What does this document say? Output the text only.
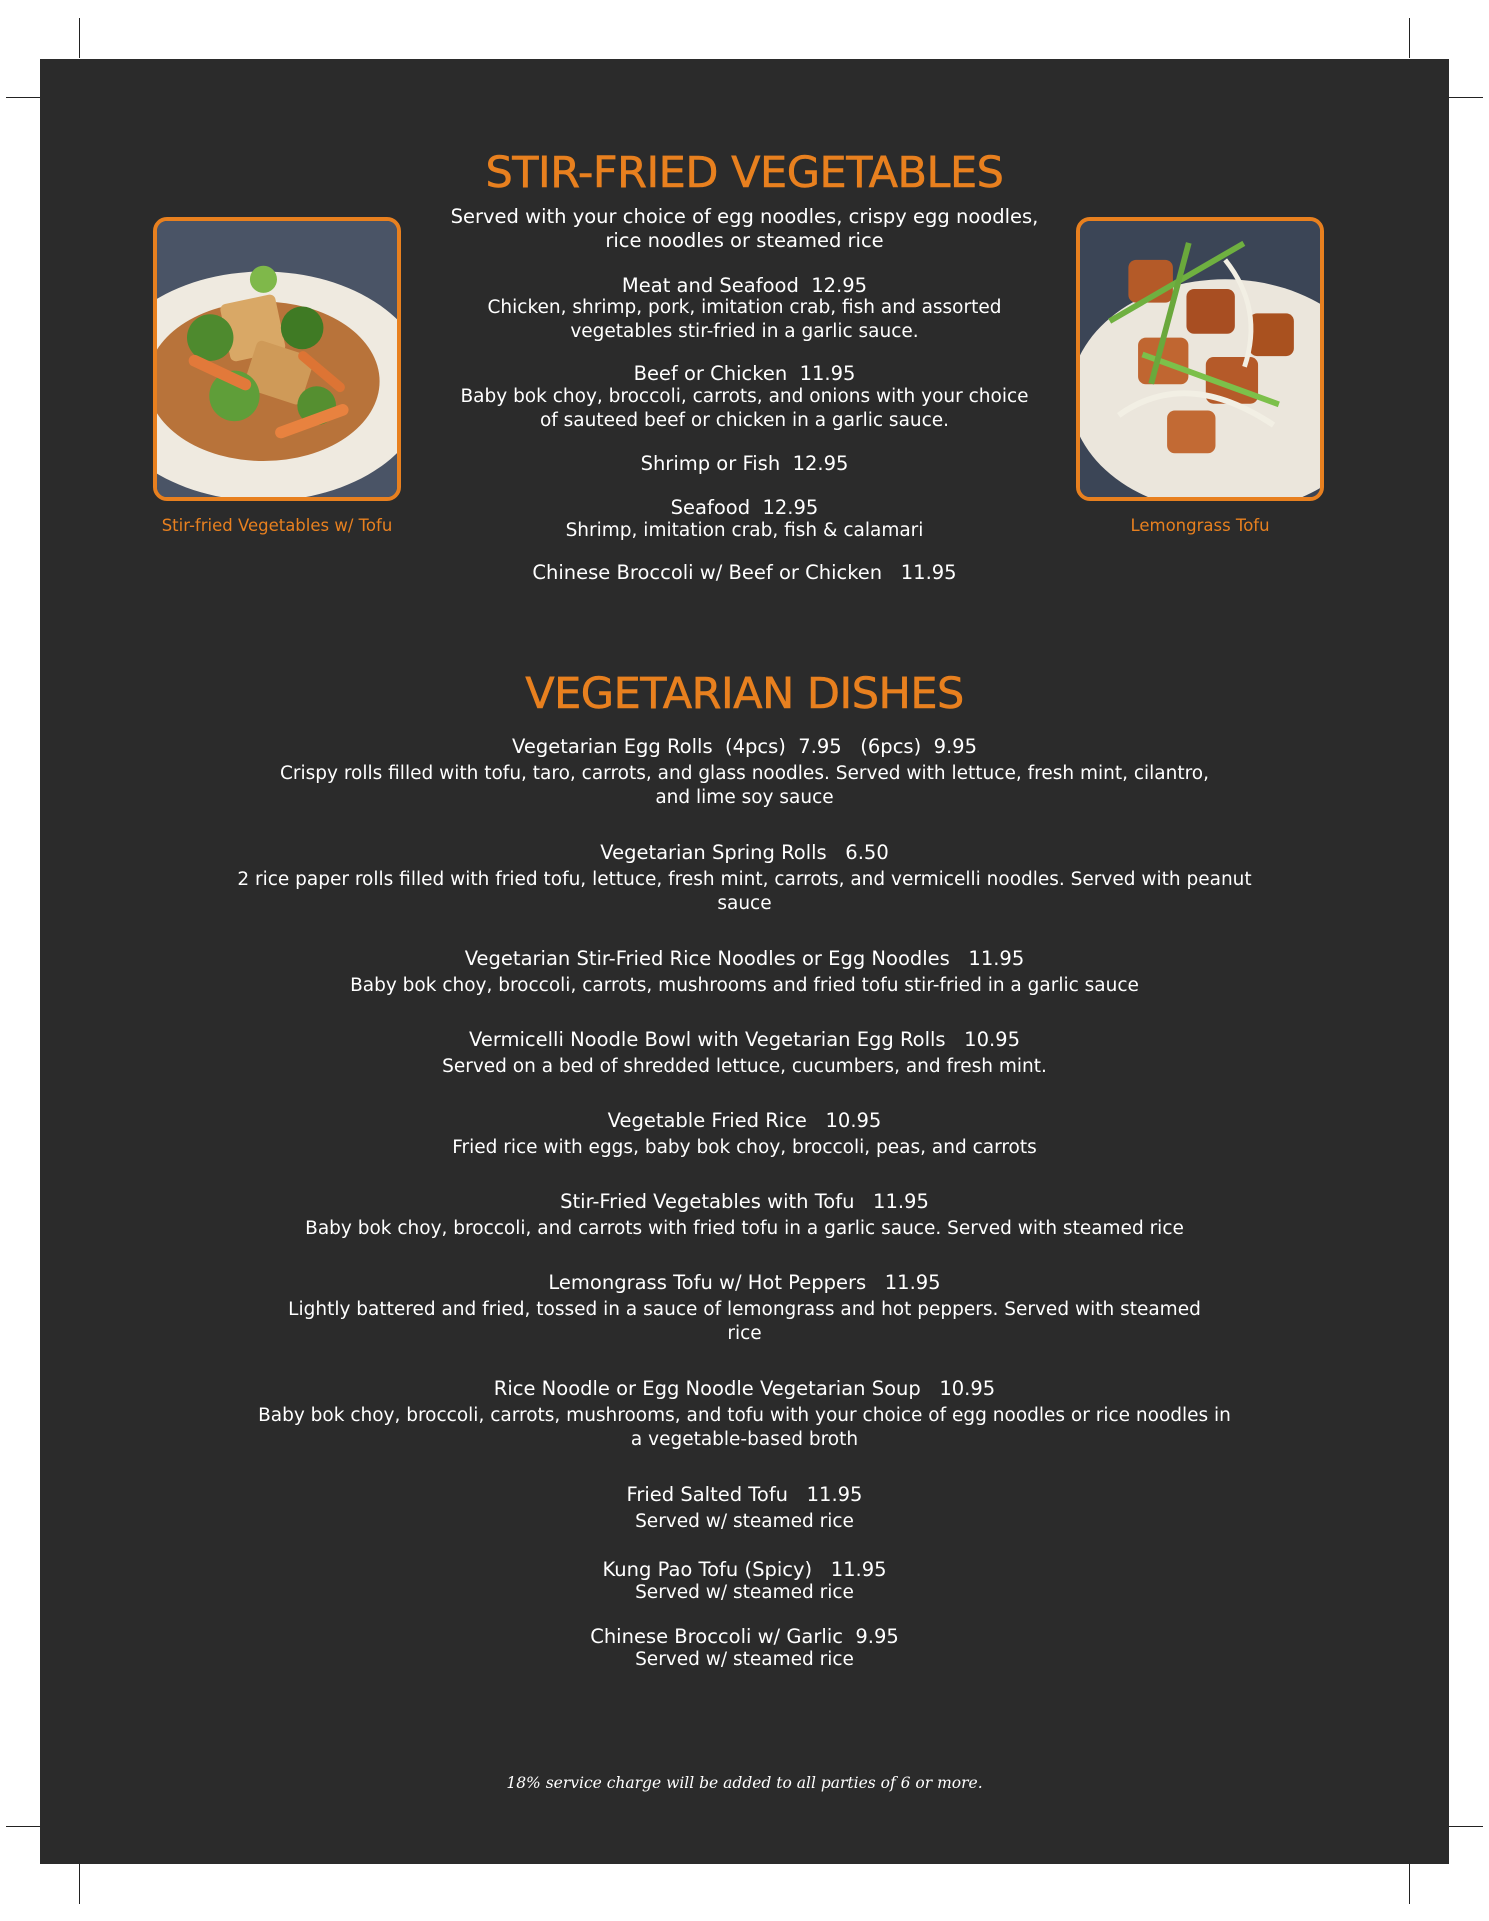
STIR-FRIED VEGETABLES
Served with your choice of egg noodles, crispy egg noodles, rice noodles or steamed rice
Meat and Seafood  12.95
Chicken, shrimp, pork, imitation crab, fish and assorted vegetables stir-fried in a garlic sauce.
Beef or Chicken  11.95
Baby bok choy, broccoli, carrots, and onions with your choice of sauteed beef or chicken in a garlic sauce.
Shrimp or Fish  12.95
Seafood  12.95
Shrimp, imitation crab, fish & calamari
Chinese Broccoli w/ Beef or Chicken   11.95
Stir-fried Vegetables w/ Tofu	Lemongrass Tofu
VEGETARIAN DISHES
Vegetarian Egg Rolls  (4pcs)  7.95   (6pcs)  9.95
Crispy rolls filled with tofu, taro, carrots, and glass noodles. Served with lettuce, fresh mint, cilantro, and lime soy sauce
Vegetarian Spring Rolls   6.50
2 rice paper rolls filled with fried tofu, lettuce, fresh mint, carrots, and vermicelli noodles. Served with peanut sauce
Vegetarian Stir-Fried Rice Noodles or Egg Noodles   11.95
Baby bok choy, broccoli, carrots, mushrooms and fried tofu stir-fried in a garlic sauce
Vermicelli Noodle Bowl with Vegetarian Egg Rolls   10.95
Served on a bed of shredded lettuce, cucumbers, and fresh mint.
Vegetable Fried Rice   10.95
Fried rice with eggs, baby bok choy, broccoli, peas, and carrots
Stir-Fried Vegetables with Tofu   11.95
Baby bok choy, broccoli, and carrots with fried tofu in a garlic sauce. Served with steamed rice
Lemongrass Tofu w/ Hot Peppers   11.95
Lightly battered and fried, tossed in a sauce of lemongrass and hot peppers. Served with steamed rice
Rice Noodle or Egg Noodle Vegetarian Soup   10.95
Baby bok choy, broccoli, carrots, mushrooms, and tofu with your choice of egg noodles or rice noodles in a vegetable-based broth
Fried Salted Tofu   11.95
Served w/ steamed rice
Kung Pao Tofu (Spicy)   11.95
Served w/ steamed rice
Chinese Broccoli w/ Garlic  9.95
Served w/ steamed rice
18% service charge will be added to all parties of 6 or more.
